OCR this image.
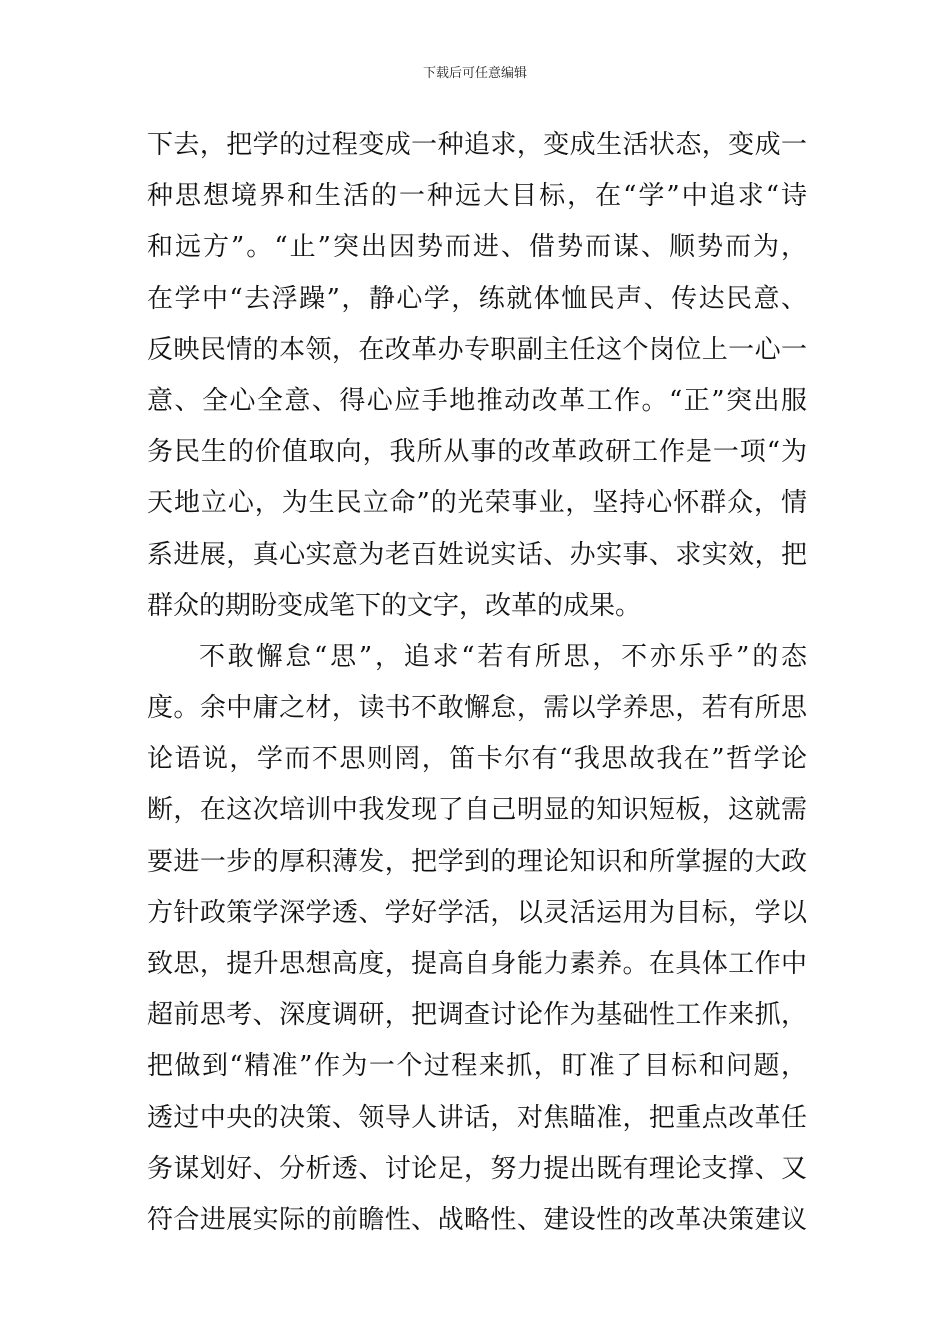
下载后可任意编辑
下去，把学的过程变成一种追求，变成生活状态，变成一
种思想境界和生活的一种远大目标，在“学”中追求“诗
和远方”。“止”突出因势而进、借势而谋、顺势而为，
在学中“去浮躁”，静心学，练就体恤民声、传达民意、
反映民情的本领，在改革办专职副主任这个岗位上一心一
意、全心全意、得心应手地推动改革工作。“正”突出服
务民生的价值取向，我所从事的改革政研工作是一项“为
天地立心，为生民立命”的光荣事业，坚持心怀群众，情
系进展，真心实意为老百姓说实话、办实事、求实效，把
群众的期盼变成笔下的文字，改革的成果。
不敢懈怠“思”，追求“若有所思，不亦乐乎”的态
度。余中庸之材，读书不敢懈怠，需以学养思，若有所思
论语说，学而不思则罔，笛卡尔有“我思故我在”哲学论
断，在这次培训中我发现了自己明显的知识短板，这就需
要进一步的厚积薄发，把学到的理论知识和所掌握的大政
方针政策学深学透、学好学活，以灵活运用为目标，学以
致思，提升思想高度，提高自身能力素养。在具体工作中
超前思考、深度调研，把调查讨论作为基础性工作来抓，
把做到“精准”作为一个过程来抓，盯准了目标和问题，
透过中央的决策、领导人讲话，对焦瞄准，把重点改革任
务谋划好、分析透、讨论足，努力提出既有理论支撑、又
符合进展实际的前瞻性、战略性、建设性的改革决策建议
